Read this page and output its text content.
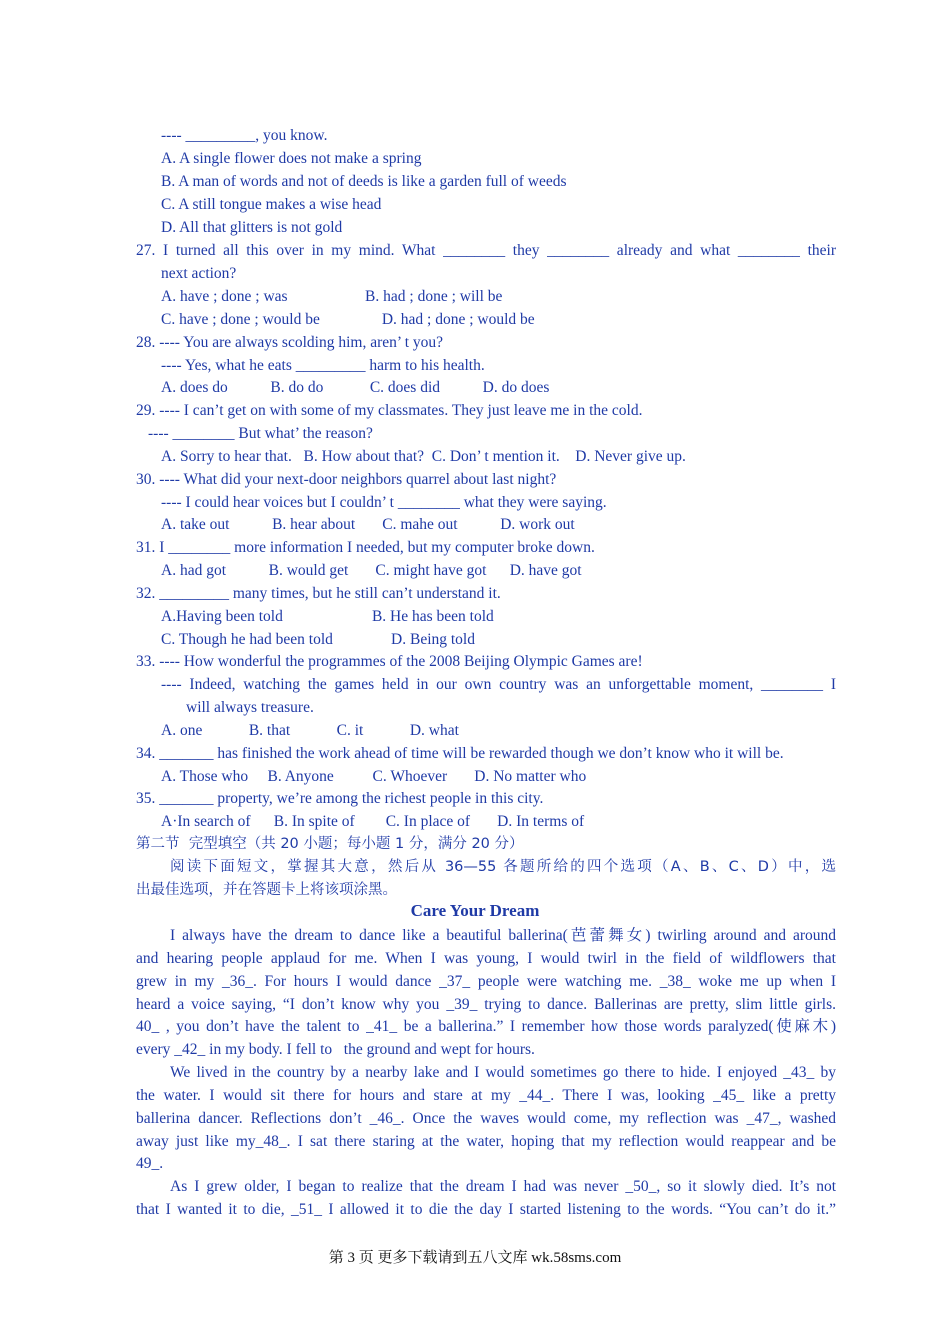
---- _________, you know.
A. A single flower does not make a spring
B. A man of words and not of deeds is like a garden full of weeds
C. A still tongue makes a wise head
D. All that glitters is not gold
27. I turned all this over in my mind. What ________ they ________ already and what ________ their
next action?
A. have ; done ; was                    B. had ; done ; will be
C. have ; done ; would be                D. had ; done ; would be
28. ---- You are always scolding him, aren’ t you?
---- Yes, what he eats _________ harm to his health.
A. does do           B. do do            C. does did           D. do does
29. ---- I can’t get on with some of my classmates. They just leave me in the cold.
---- ________ But what’ the reason?
A. Sorry to hear that.   B. How about that?  C. Don’ t mention it.    D. Never give up.
30. ---- What did your next-door neighbors quarrel about last night?
---- I could hear voices but I couldn’ t ________ what they were saying.
A. take out           B. hear about       C. mahe out           D. work out
31. I ________ more information I needed, but my computer broke down.
A. had got           B. would get       C. might have got      D. have got
32. _________ many times, but he still can’t understand it.
A.Having been told                       B. He has been told
C. Though he had been told               D. Being told
33. ---- How wonderful the programmes of the 2008 Beijing Olympic Games are!
---- Indeed, watching the games held in our own country was an unforgettable moment, ________ I
will always treasure.
A. one            B. that            C. it            D. what
34. _______ has finished the work ahead of time will be rewarded though we don’t know who it will be.
A. Those who     B. Anyone          C. Whoever       D. No matter who
35. _______ property, we’re among the richest people in this city.
A·In search of      B. In spite of        C. In place of       D. In terms of
第二节  完型填空（共 20 小题；每小题 1 分，满分 20 分）
阅读下面短文，掌握其大意，然后从 36—55 各题所给的四个选项（A、B、C、D）中，选
出最佳选项，并在答题卡上将该项涂黑。
Care Your Dream
I always have the dream to dance like a beautiful ballerina(芭蕾舞女) twirling around and around
and hearing people applaud for me. When I was young, I would twirl in the field of wildflowers that
grew in my _36_. For hours I would dance _37_ people were watching me. _38_ woke me up when I
heard a voice saying, “I don’t know why you _39_ trying to dance. Ballerinas are pretty, slim little girls.
40_ , you don’t have the talent to _41_ be a ballerina.” I remember how those words paralyzed(使麻木)
every _42_ in my body. I fell to   the ground and wept for hours.
We lived in the country by a nearby lake and I would sometimes go there to hide. I enjoyed _43_ by
the water. I would sit there for hours and stare at my _44_. There I was, looking _45_ like a pretty
ballerina dancer. Reflections don’t _46_. Once the waves would come, my reflection was _47_, washed
away just like my_48_. I sat there staring at the water, hoping that my reflection would reappear and be
49_.
As I grew older, I began to realize that the dream I had was never _50_, so it slowly died. It’s not
that I wanted it to die, _51_ I allowed it to die the day I started listening to the words. “You can’t do it.”
第 3 页 更多下载请到五八文库 wk.58sms.com
